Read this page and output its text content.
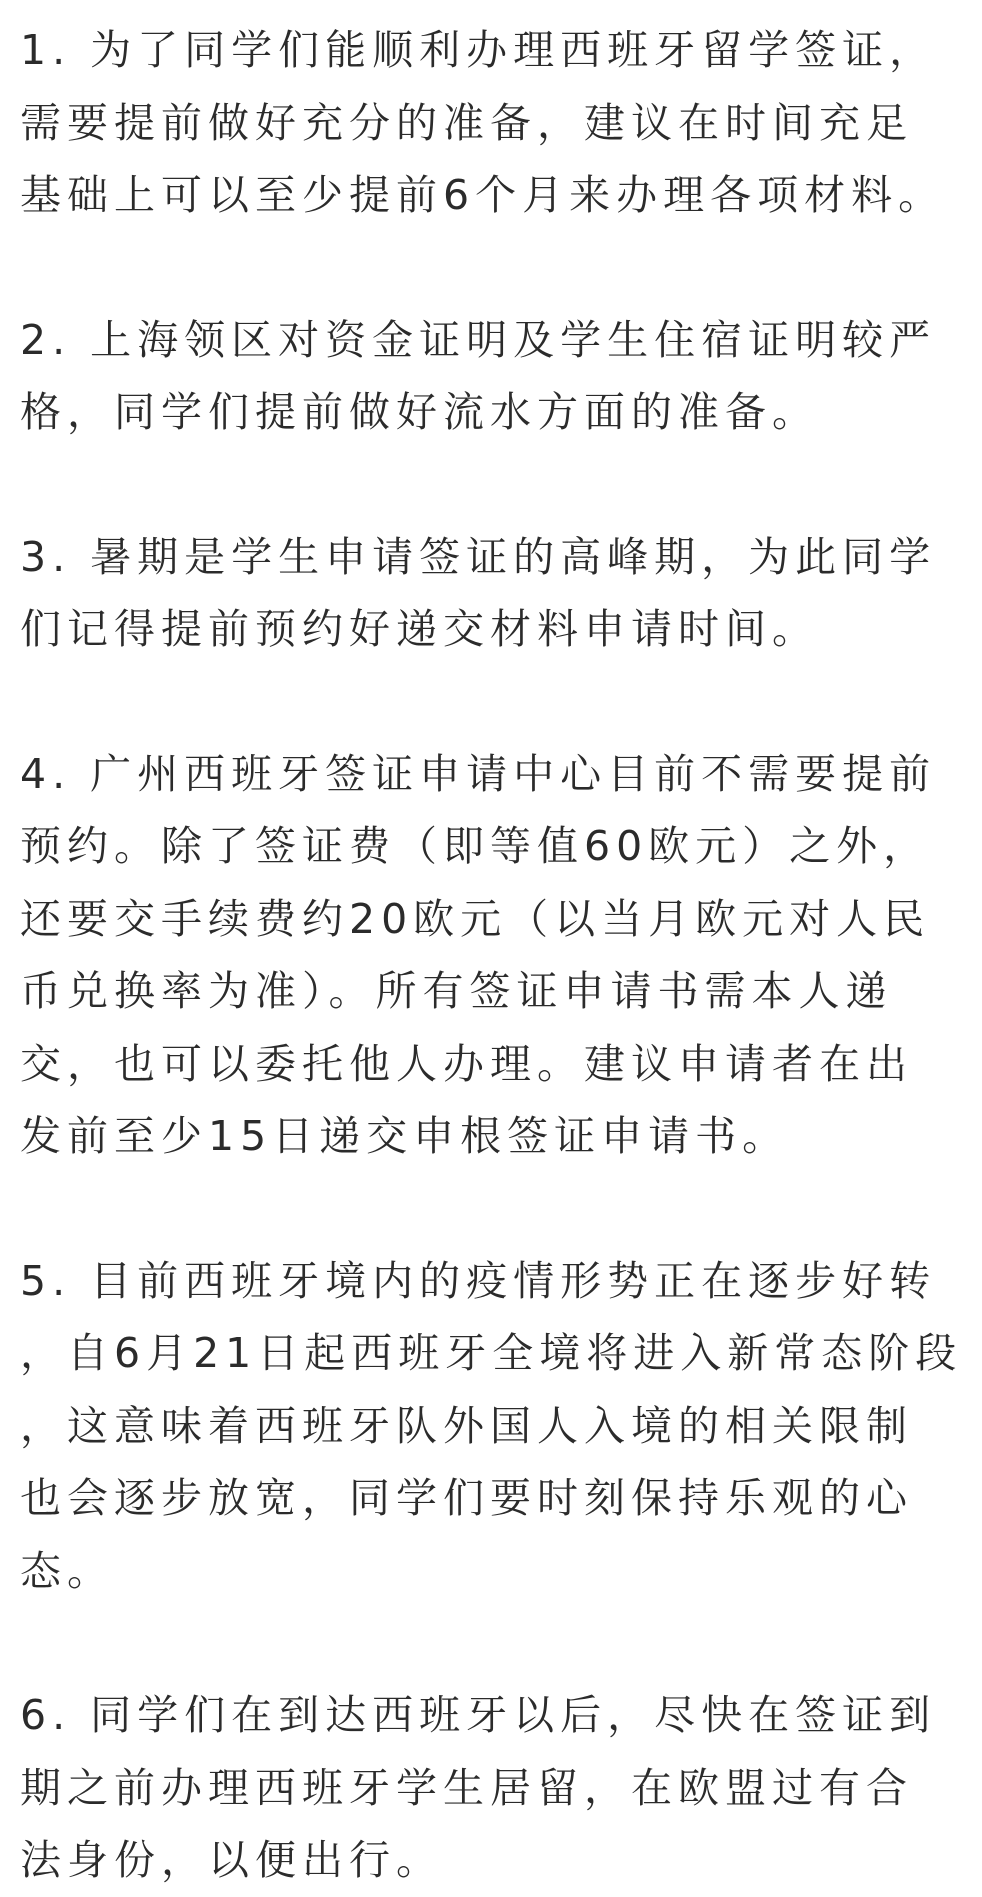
1. 为了同学们能顺利办理西班牙留学签证，
需要提前做好充分的准备，建议在时间充足
基础上可以至少提前6个月来办理各项材料。
2. 上海领区对资金证明及学生住宿证明较严
格，同学们提前做好流水方面的准备。
3. 暑期是学生申请签证的高峰期，为此同学
们记得提前预约好递交材料申请时间。
4. 广州西班牙签证申请中心目前不需要提前
预约。除了签证费（即等值60欧元）之外，
还要交手续费约20欧元（以当月欧元对人民
币兑换率为准）。所有签证申请书需本人递
交，也可以委托他人办理。建议申请者在出
发前至少15日递交申根签证申请书。
5. 目前西班牙境内的疫情形势正在逐步好转
，自6月21日起西班牙全境将进入新常态阶段
，这意味着西班牙队外国人入境的相关限制
也会逐步放宽，同学们要时刻保持乐观的心
态。
6. 同学们在到达西班牙以后，尽快在签证到
期之前办理西班牙学生居留，在欧盟过有合
法身份，以便出行。
